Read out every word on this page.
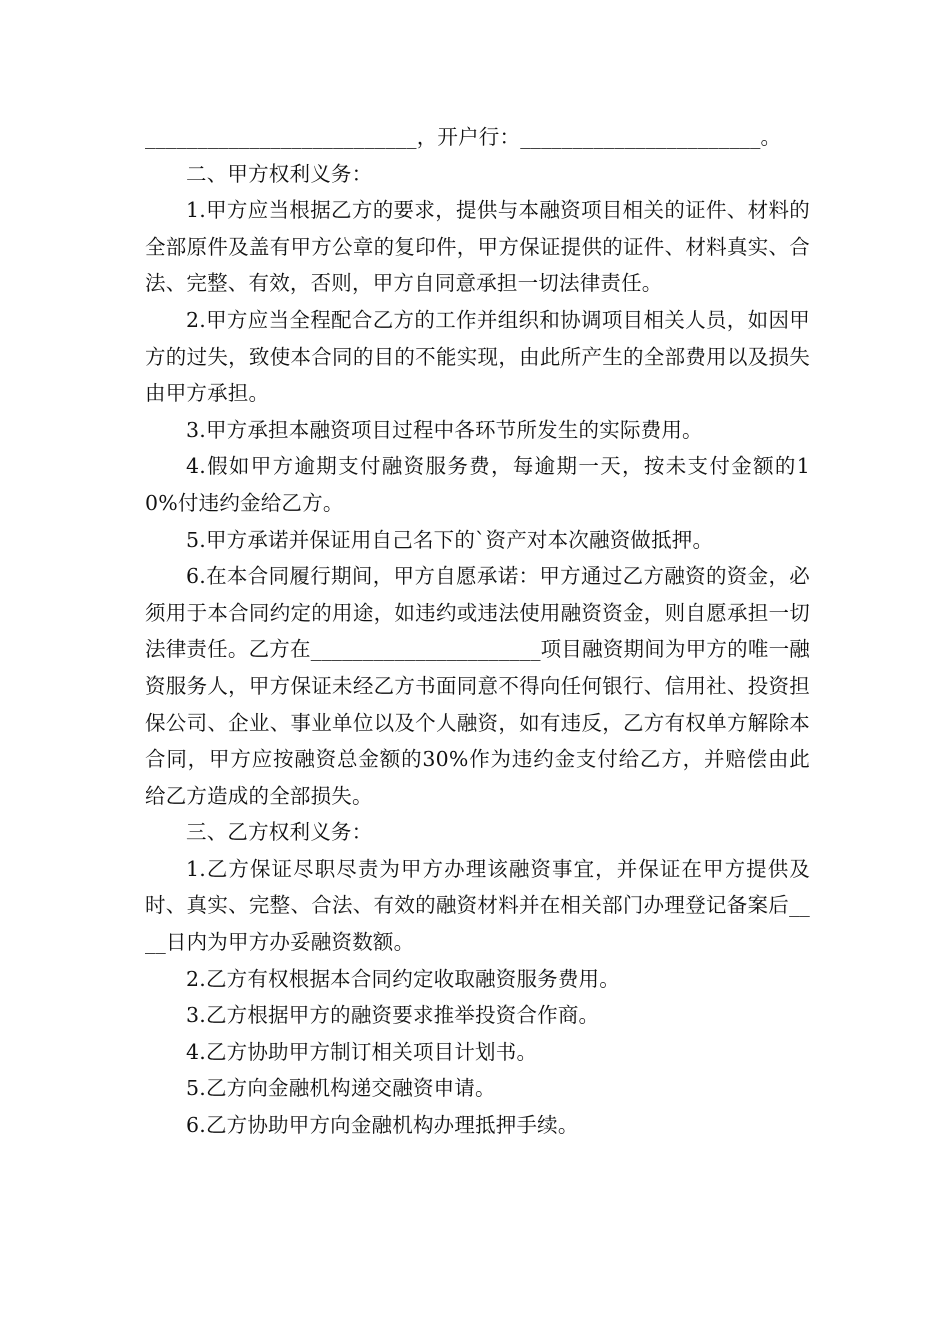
__________________________，开户行：_______________________。

二、甲方权利义务：

1.甲方应当根据乙方的要求，提供与本融资项目相关的证件、材料的全部原件及盖有甲方公章的复印件，甲方保证提供的证件、材料真实、合法、完整、有效，否则，甲方自同意承担一切法律责任。

2.甲方应当全程配合乙方的工作并组织和协调项目相关人员，如因甲方的过失，致使本合同的目的不能实现，由此所产生的全部费用以及损失由甲方承担。

3.甲方承担本融资项目过程中各环节所发生的实际费用。

4.假如甲方逾期支付融资服务费，每逾期一天，按未支付金额的10%付违约金给乙方。

5.甲方承诺并保证用自己名下的`资产对本次融资做抵押。

6.在本合同履行期间，甲方自愿承诺：甲方通过乙方融资的资金，必须用于本合同约定的用途，如违约或违法使用融资资金，则自愿承担一切法律责任。乙方在______________________项目融资期间为甲方的唯一融资服务人，甲方保证未经乙方书面同意不得向任何银行、信用社、投资担保公司、企业、事业单位以及个人融资，如有违反，乙方有权单方解除本合同，甲方应按融资总金额的30%作为违约金支付给乙方，并赔偿由此给乙方造成的全部损失。

三、乙方权利义务：

1.乙方保证尽职尽责为甲方办理该融资事宜，并保证在甲方提供及时、真实、完整、合法、有效的融资材料并在相关部门办理登记备案后____日内为甲方办妥融资数额。

2.乙方有权根据本合同约定收取融资服务费用。

3.乙方根据甲方的融资要求推举投资合作商。

4.乙方协助甲方制订相关项目计划书。

5.乙方向金融机构递交融资申请。

6.乙方协助甲方向金融机构办理抵押手续。
